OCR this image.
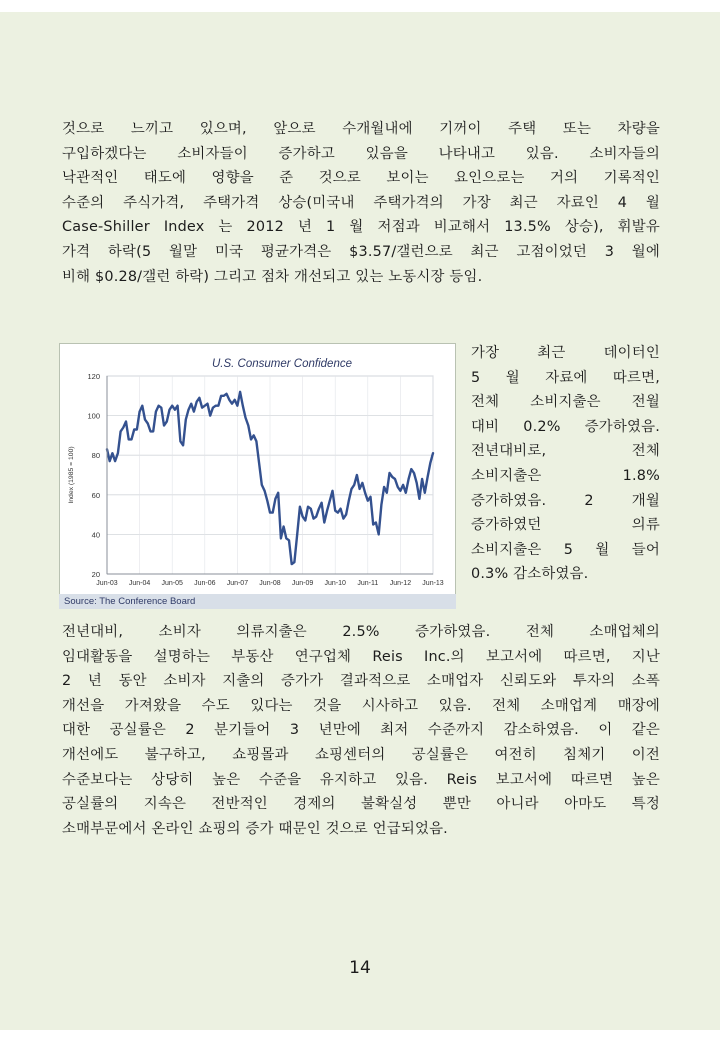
것으로 느끼고 있으며, 앞으로 수개월내에 기꺼이 주택 또는 차량을
구입하겠다는 소비자들이 증가하고 있음을 나타내고 있음. 소비자들의
낙관적인 태도에 영향을 준 것으로 보이는 요인으로는 거의 기록적인
수준의 주식가격, 주택가격 상승(미국내 주택가격의 가장 최근 자료인 4 월
Case-Shiller Index 는 2012 년 1 월 저점과 비교해서 13.5% 상승), 휘발유
가격 하락(5 월말 미국 평균가격은 $3.57/갤런으로 최근 고점이었던 3 월에
비해 $0.28/갤런 하락) 그리고 점차 개선되고 있는 노동시장 등임.
U.S. Consumer Confidence
20
40
60
80
100
120
Jun-03 Jun-04 Jun-05 Jun-06 Jun-07 Jun-08 Jun-09 Jun-10 Jun-11 Jun-12 Jun-13
Index (1985 = 100)
Source: The Conference Board
가장 최근 데이터인
5 월 자료에 따르면,
전체 소비지출은 전월
대비 0.2% 증가하였음.
전년대비로, 전체
소비지출은 1.8%
증가하였음. 2 개월
증가하였던 의류
소비지출은 5 월 들어
0.3% 감소하였음.
전년대비, 소비자 의류지출은 2.5% 증가하였음. 전체 소매업체의
임대활동을 설명하는 부동산 연구업체 Reis Inc.의 보고서에 따르면, 지난
2 년 동안 소비자 지출의 증가가 결과적으로 소매업자 신뢰도와 투자의 소폭
개선을 가져왔을 수도 있다는 것을 시사하고 있음. 전체 소매업계 매장에
대한 공실률은 2 분기들어 3 년만에 최저 수준까지 감소하였음. 이 같은
개선에도 불구하고, 쇼핑몰과 쇼핑센터의 공실률은 여전히 침체기 이전
수준보다는 상당히 높은 수준을 유지하고 있음. Reis 보고서에 따르면 높은
공실률의 지속은 전반적인 경제의 불확실성 뿐만 아니라 아마도 특정
소매부문에서 온라인 쇼핑의 증가 때문인 것으로 언급되었음.
14
